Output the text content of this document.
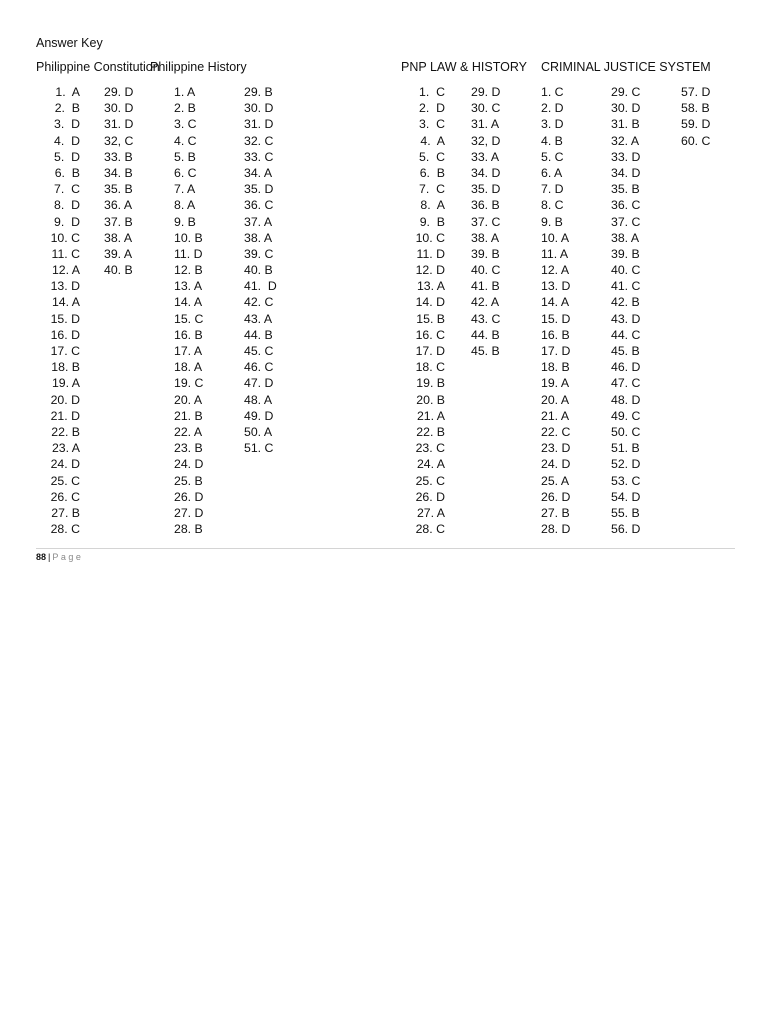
Answer Key
Philippine Constitution
Philippine History	PNP LAW & HISTORY CRIMINAL JUSTICE SYSTEM
1.  A
2.  B
3.  D
4.  D
5.  D
6.  B
7.  C
8.  D
9.  D
10. C
11. C
12. A
13. D
14. A
15. D
16. D
17. C
18. B
19. A
20. D
21. D
22. B
23. A
24. D
25. C
26. C
27. B
28. C
29. D
30. D
31. D
32, C
33. B
34. B
35. B
36. A
37. B
38. A
39. A
40. B
1. A
2. B
3. C
4. C
5. B
6. C
7. A
8. A
9. B
10. B
11. D
12. B
13. A
14. A
15. C
16. B
17. A
18. A
19. C
20. A
21. B
22. A
23. B
24. D
25. B
26. D
27. D
28. B
29. B
30. D
31. D
32. C
33. C
34. A
35. D
36. C
37. A
38. A
39. C
40. B
41.  D
42. C
43. A
44. B
45. C
46. C
47. D
48. A
49. D
50. A
51. C
1.  C
2.  D
3.  C
4.  A
5.  C
6.  B
7.  C
8.  A
9.  B
10. C
11. D
12. D
13. A
14. D
15. B
16. C
17. D
18. C
19. B
20. B
21. A
22. B
23. C
24. A
25. C
26. D
27. A
28. C
29. D
30. C
31. A
32, D
33. A
34. D
35. D
36. B
37. C
38. A
39. B
40. C
41. B
42. A
43. C
44. B
45. B
1. C
2. D
3. D
4. B
5. C
6. A
7. D
8. C
9. B
10. A
11. A
12. A
13. D
14. A
15. D
16. B
17. D
18. B
19. A
20. A
21. A
22. C
23. D
24. D
25. A
26. D
27. B
28. D
29. C
30. D
31. B
32. A
33. D
34. D
35. B
36. C
37. C
38. A
39. B
40. C
41. C
42. B
43. D
44. C
45. B
46. D
47. C
48. D
49. C
50. C
51. B
52. D
53. C
54. D
55. B
56. D
57. D
58. B
59. D
60. C
88 | Page
